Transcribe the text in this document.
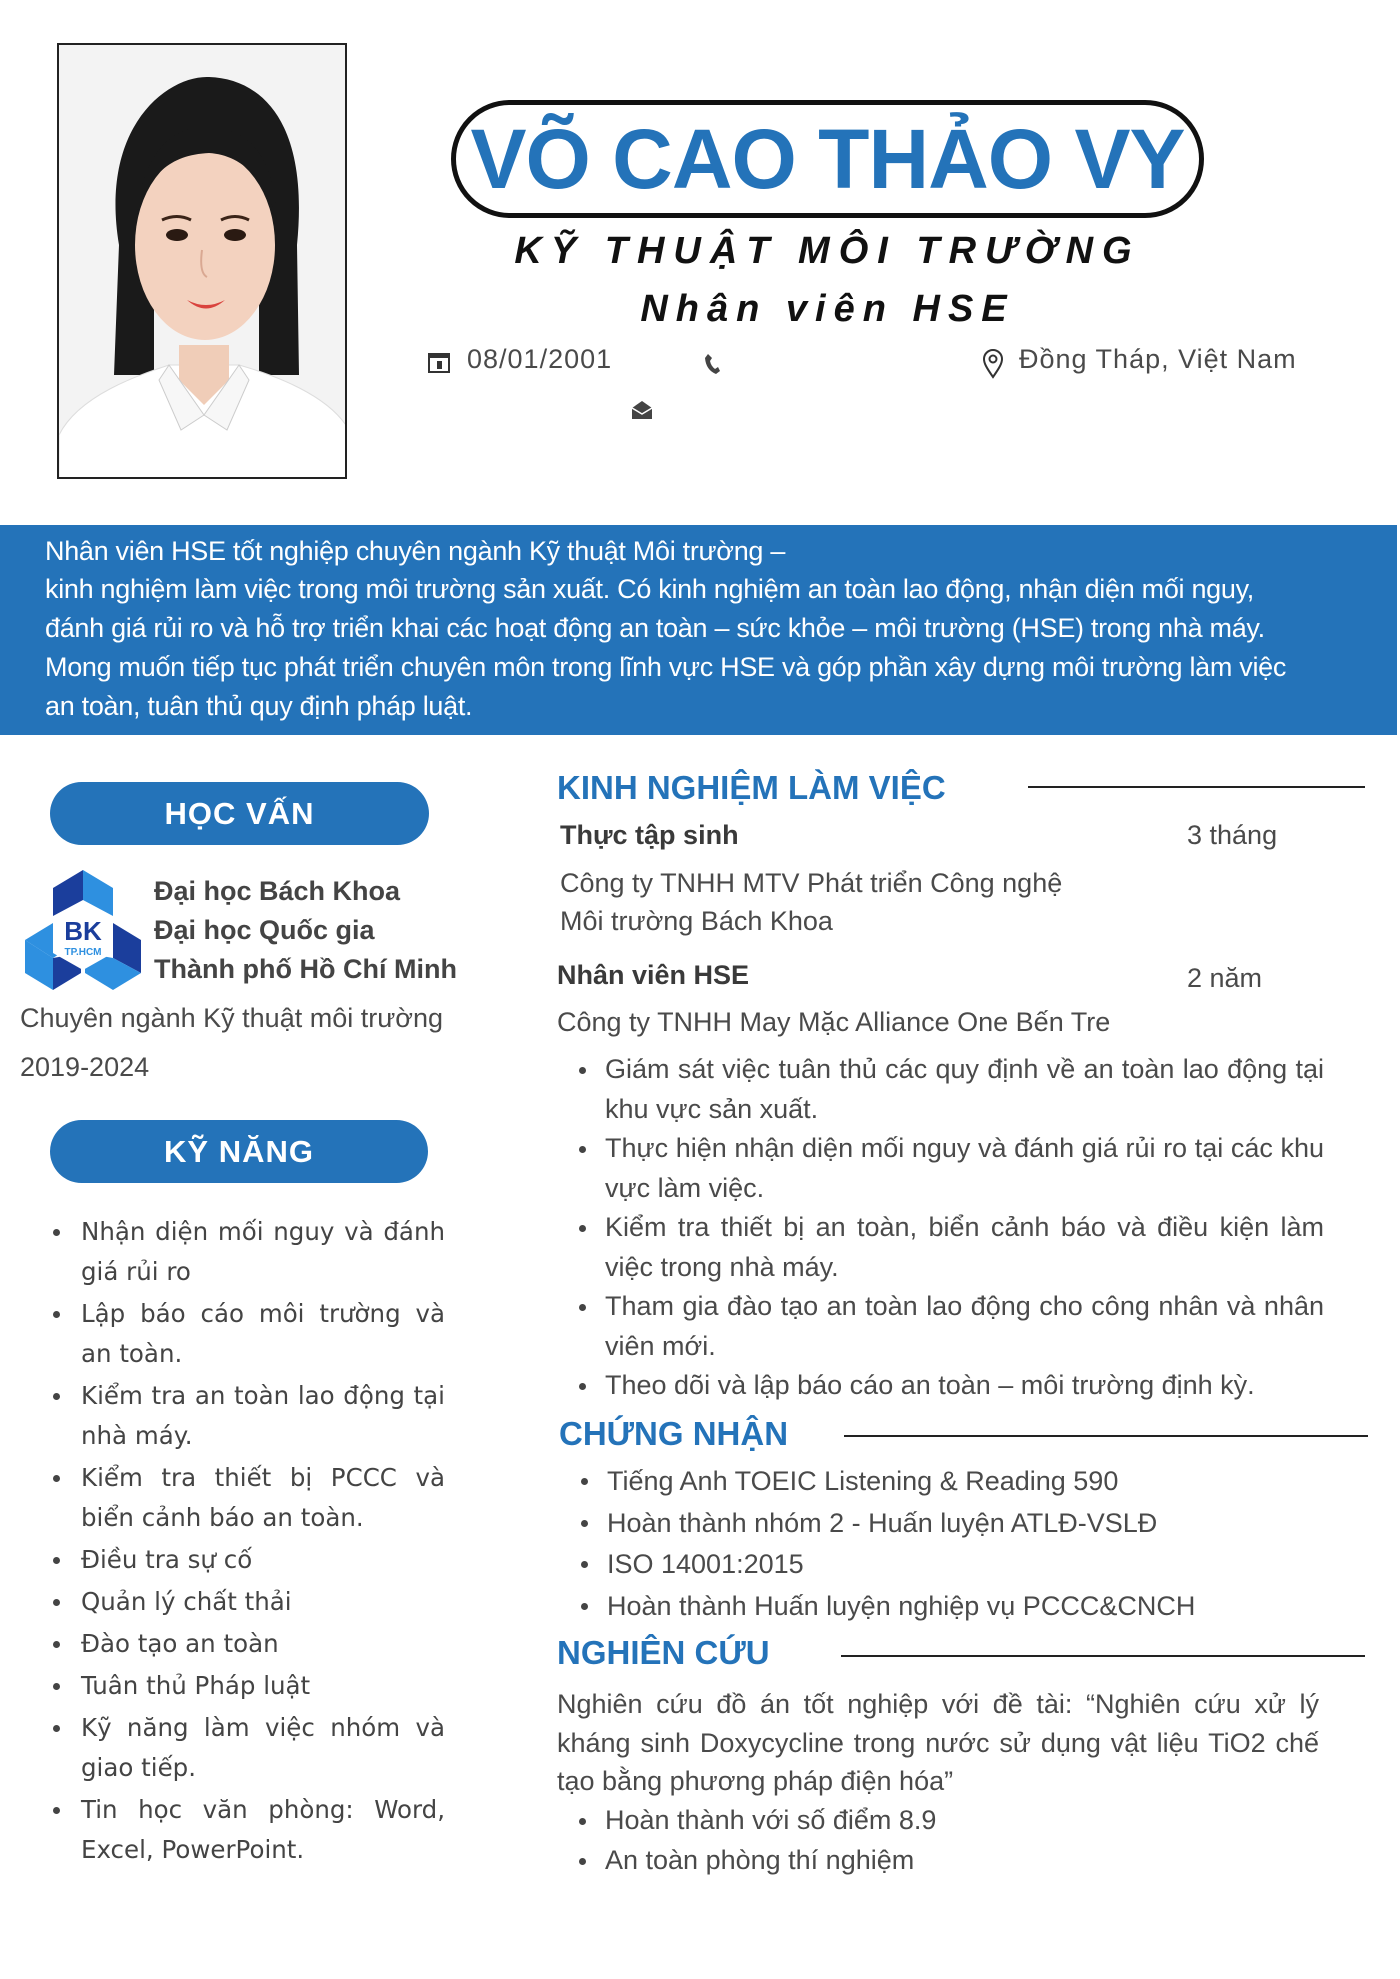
VÕ CAO THẢO VY
KỸ THUẬT MÔI TRƯỜNG
Nhân viên HSE
08/01/2001	Đồng Tháp, Việt Nam
Nhân viên HSE tốt nghiệp chuyên ngành Kỹ thuật Môi trường –
kinh nghiệm làm việc trong môi trường sản xuất. Có kinh nghiệm an toàn lao động, nhận diện mối nguy,
đánh giá rủi ro và hỗ trợ triển khai các hoạt động an toàn – sức khỏe – môi trường (HSE) trong nhà máy.
Mong muốn tiếp tục phát triển chuyên môn trong lĩnh vực HSE và góp phần xây dựng môi trường làm việc
an toàn, tuân thủ quy định pháp luật.
HỌC VẤN
BK
TP.HCM
Đại học Bách Khoa
Đại học Quốc gia
Thành phố Hồ Chí Minh
Chuyên ngành Kỹ thuật môi trường
2019-2024
KỸ NĂNG
Nhận diện mối nguy và đánh giá rủi ro
Lập báo cáo môi trường và an toàn.
Kiểm tra an toàn lao động tại nhà máy.
Kiểm tra thiết bị PCCC và biển cảnh báo an toàn.
Điều tra sự cố
Quản lý chất thải
Đào tạo an toàn
Tuân thủ Pháp luật
Kỹ năng làm việc nhóm và giao tiếp.
Tin học văn phòng: Word, Excel, PowerPoint.
KINH NGHIỆM LÀM VIỆC
Thực tập sinh	3 tháng
Công ty TNHH MTV Phát triển Công nghệ
Môi trường Bách Khoa
Nhân viên HSE	2 năm
Công ty TNHH May Mặc Alliance One Bến Tre
Giám sát việc tuân thủ các quy định về an toàn lao động tại khu vực sản xuất.
Thực hiện nhận diện mối nguy và đánh giá rủi ro tại các khu vực làm việc.
Kiểm tra thiết bị an toàn, biển cảnh báo và điều kiện làm việc trong nhà máy.
Tham gia đào tạo an toàn lao động cho công nhân và nhân viên mới.
Theo dõi và lập báo cáo an toàn – môi trường định kỳ.
CHỨNG NHẬN
Tiếng Anh TOEIC Listening & Reading 590
Hoàn thành nhóm 2 - Huấn luyện ATLĐ-VSLĐ
ISO 14001:2015
Hoàn thành Huấn luyện nghiệp vụ PCCC&CNCH
NGHIÊN CỨU
Nghiên cứu đồ án tốt nghiệp với đề tài: “Nghiên cứu xử lý kháng sinh Doxycycline trong nước sử dụng vật liệu TiO2 chế tạo bằng phương pháp điện hóa”
Hoàn thành với số điểm 8.9
An toàn phòng thí nghiệm
